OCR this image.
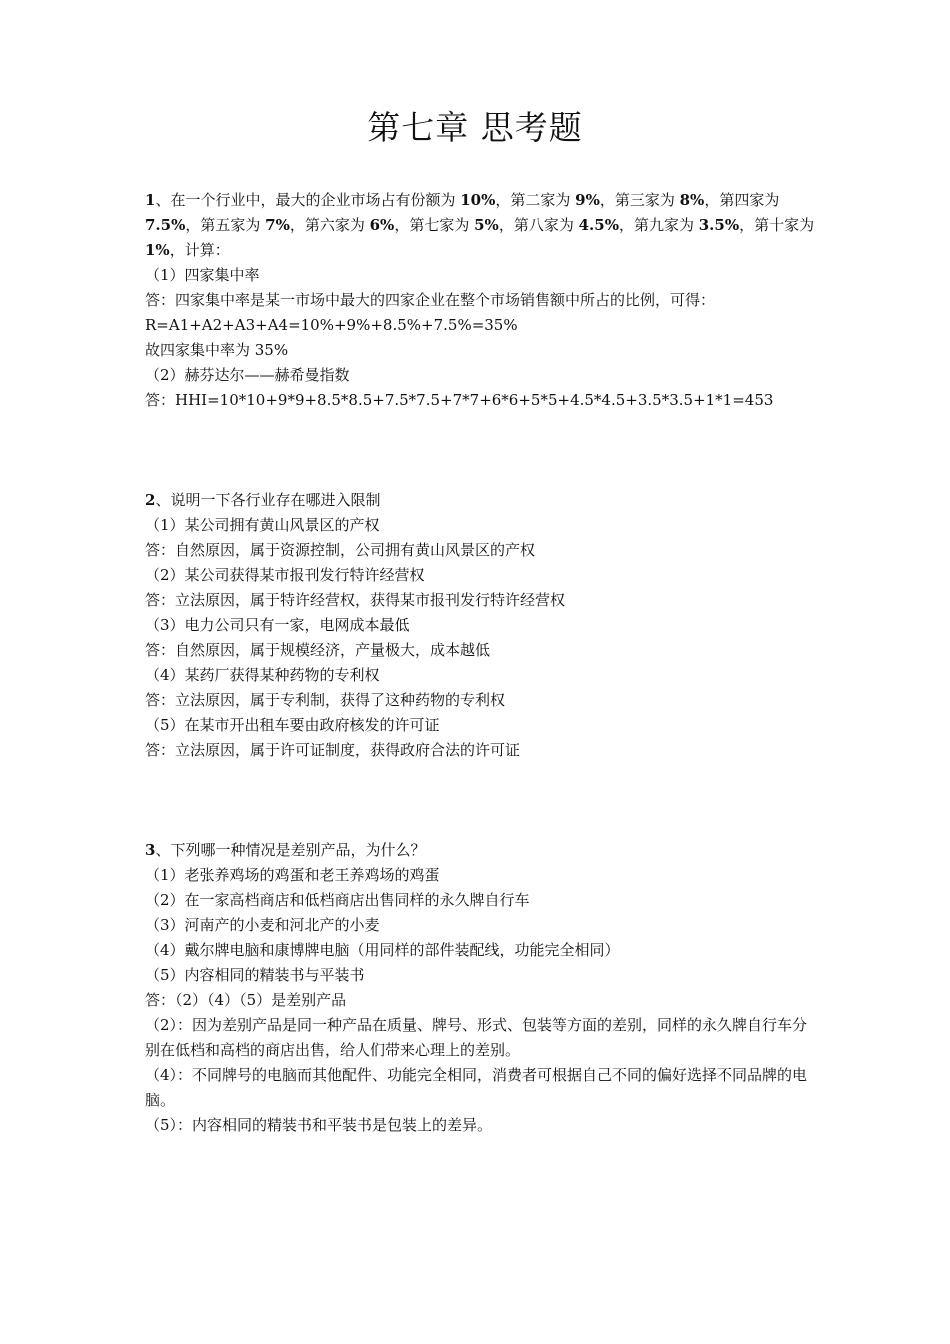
第七章 思考题
1、在一个行业中，最大的企业市场占有份额为 10%，第二家为 9%，第三家为 8%，第四家为 7.5%，第五家为 7%，第六家为 6%，第七家为 5%，第八家为 4.5%，第九家为 3.5%，第十家为 1%，计算：
（1）四家集中率
答：四家集中率是某一市场中最大的四家企业在整个市场销售额中所占的比例，可得：
R=A1+A2+A3+A4=10%+9%+8.5%+7.5%=35%
故四家集中率为 35%
（2）赫芬达尔——赫希曼指数
答：HHI=10*10+9*9+8.5*8.5+7.5*7.5+7*7+6*6+5*5+4.5*4.5+3.5*3.5+1*1=453
2、说明一下各行业存在哪进入限制
（1）某公司拥有黄山风景区的产权
答：自然原因，属于资源控制，公司拥有黄山风景区的产权
（2）某公司获得某市报刊发行特许经营权
答：立法原因，属于特许经营权，获得某市报刊发行特许经营权
（3）电力公司只有一家，电网成本最低
答：自然原因，属于规模经济，产量极大，成本越低
（4）某药厂获得某种药物的专利权
答：立法原因，属于专利制，获得了这种药物的专利权
（5）在某市开出租车要由政府核发的许可证
答：立法原因，属于许可证制度，获得政府合法的许可证
3、下列哪一种情况是差别产品，为什么？
（1）老张养鸡场的鸡蛋和老王养鸡场的鸡蛋
（2）在一家高档商店和低档商店出售同样的永久牌自行车
（3）河南产的小麦和河北产的小麦
（4）戴尔牌电脑和康博牌电脑（用同样的部件装配线，功能完全相同）
（5）内容相同的精装书与平装书
答：（2）（4）（5）是差别产品
（2）：因为差别产品是同一种产品在质量、牌号、形式、包装等方面的差别，同样的永久牌自行车分别在低档和高档的商店出售，给人们带来心理上的差别。
（4）：不同牌号的电脑而其他配件、功能完全相同，消费者可根据自己不同的偏好选择不同品牌的电脑。
（5）：内容相同的精装书和平装书是包装上的差异。
